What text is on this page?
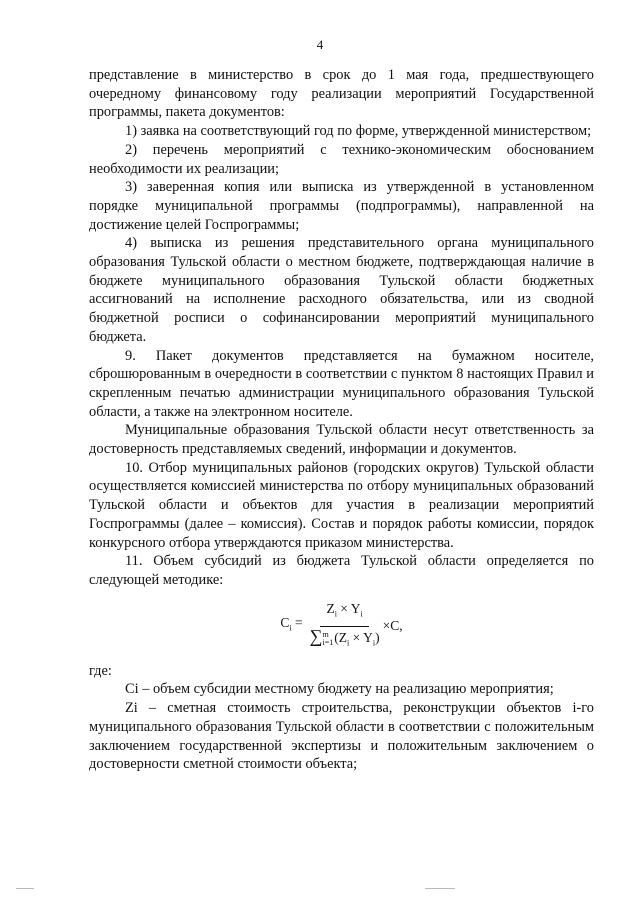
4

представление в министерство в срок до 1 мая года, предшествующего очередному финансовому году реализации мероприятий Государственной программы, пакета документов:

1) заявка на соответствующий год по форме, утвержденной министерством;

2) перечень мероприятий с технико-экономическим обоснованием необходимости их реализации;

3) заверенная копия или выписка из утвержденной в установленном порядке муниципальной программы (подпрограммы), направленной на достижение целей Госпрограммы;

4) выписка из решения представительного органа муниципального образования Тульской области о местном бюджете, подтверждающая наличие в бюджете муниципального образования Тульской области бюджетных ассигнований на исполнение расходного обязательства, или из сводной бюджетной росписи о софинансировании мероприятий муниципального бюджета.

9. Пакет документов представляется на бумажном носителе, сброшюрованным в очередности в соответствии с пунктом 8 настоящих Правил и скрепленным печатью администрации муниципального образования Тульской области, а также на электронном носителе.

Муниципальные образования Тульской области несут ответственность за достоверность представляемых сведений, информации и документов.

10. Отбор муниципальных районов (городских округов) Тульской области осуществляется комиссией министерства по отбору муниципальных образований Тульской области и объектов для участия в реализации мероприятий Госпрограммы (далее – комиссия). Состав и порядок работы комиссии, порядок конкурсного отбора утверждаются приказом министерства.

11. Объем субсидий из бюджета Тульской области определяется по следующей методике:

$C_i = Z_i \times Y_i$
∑ m
i=1 $(Z_i \times Y_i) \times C$,

где:

Ci – объем субсидии местному бюджету на реализацию мероприятия;

Zi – сметная стоимость строительства, реконструкции объектов i-го муниципального образования Тульской области в соответствии с положительным заключением государственной экспертизы и положительным заключением о достоверности сметной стоимости объекта;
